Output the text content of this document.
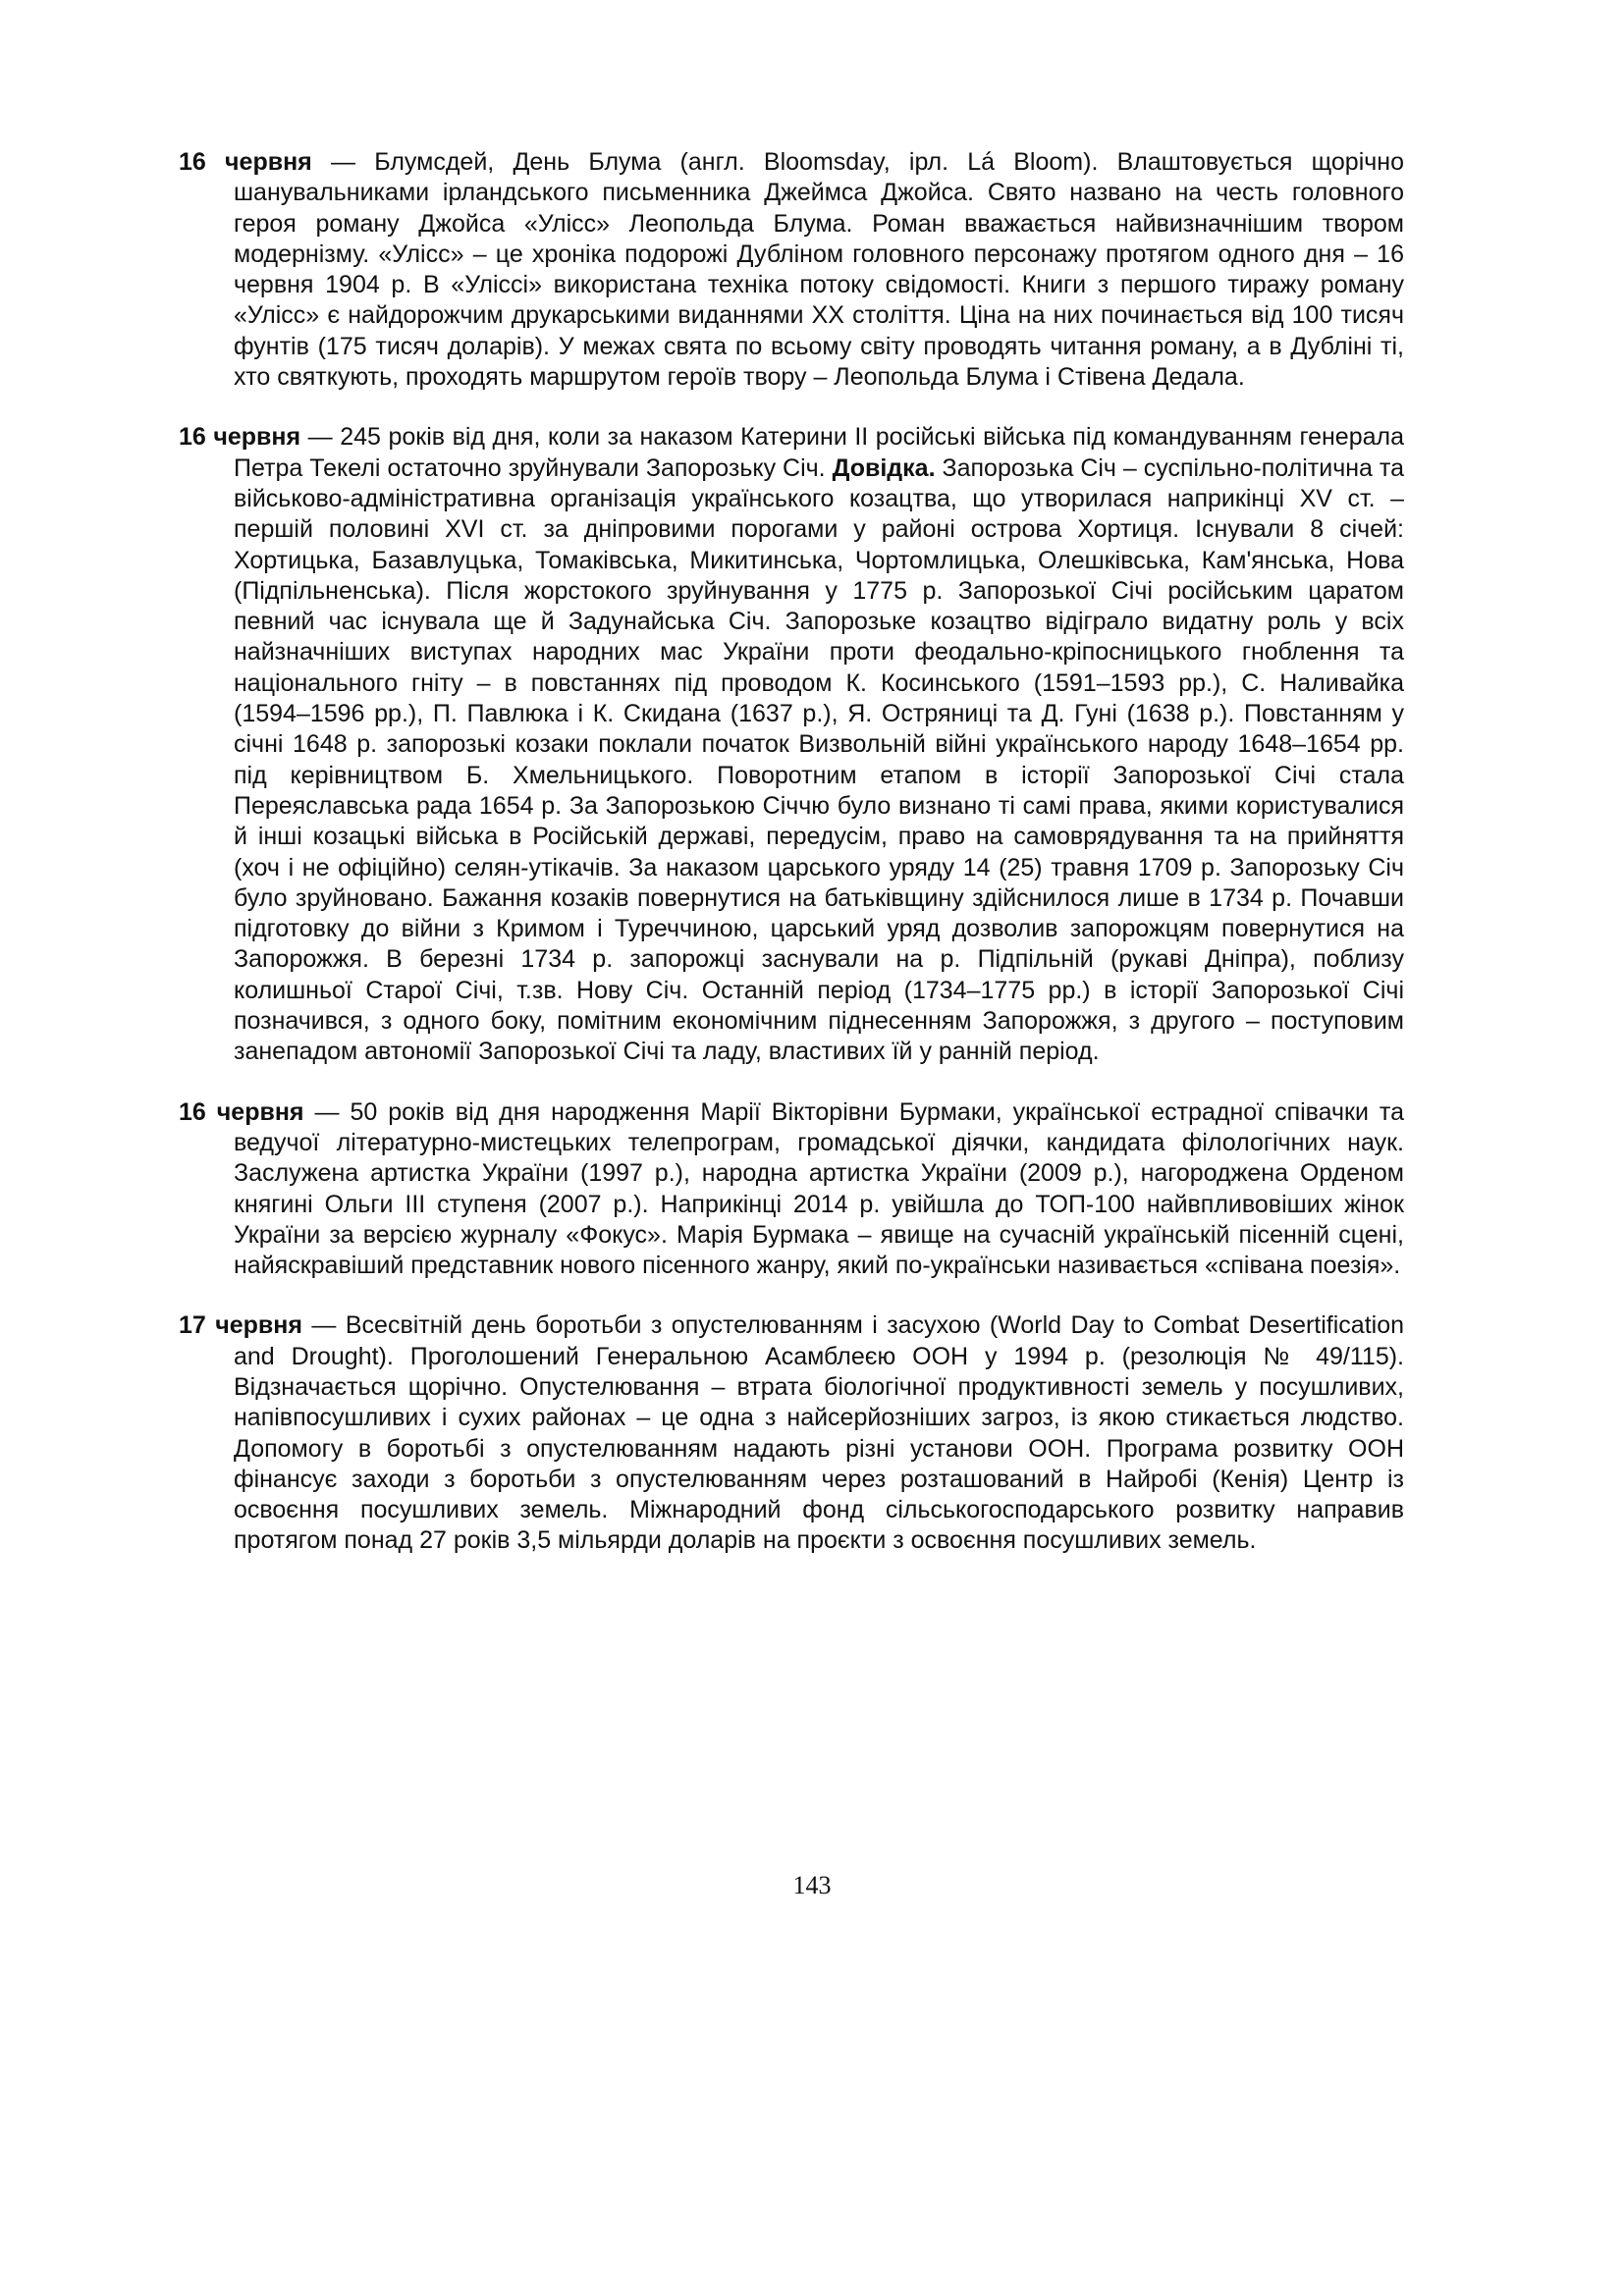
16 червня — Блумсдей, День Блума (англ. Bloomsday, ірл. Lá Bloom). Влаштовується щорічно шанувальниками ірландського письменника Джеймса Джойса. Свято названо на честь головного героя роману Джойса «Улісс» Леопольда Блума. Роман вважається найвизначнішим твором модернізму. «Улісс» – це хроніка подорожі Дубліном головного персонажу протягом одного дня – 16 червня 1904 р. В «Уліссі» використана техніка потоку свідомості. Книги з першого тиражу роману «Улісс» є найдорожчим друкарськими виданнями ХХ століття. Ціна на них починається від 100 тисяч фунтів (175 тисяч доларів). У межах свята по всьому світу проводять читання роману, а в Дубліні ті, хто святкують, проходять маршрутом героїв твору – Леопольда Блума і Стівена Дедала.

16 червня — 245 років від дня, коли за наказом Катерини ІІ російські війська під командуванням генерала Петра Текелі остаточно зруйнували Запорозьку Січ. Довідка. Запорозька Січ – суспільно-політична та військово-адміністративна організація українського козацтва, що утворилася наприкінці XV ст. – першій половині XVI ст. за дніпровими порогами у районі острова Хортиця. Існували 8 січей: Хортицька, Базавлуцька, Томаківська, Микитинська, Чортомлицька, Олешківська, Кам'янська, Нова (Підпільненська). Після жорстокого зруйнування у 1775 р. Запорозької Січі російським царатом певний час існувала ще й Задунайська Січ. Запорозьке козацтво відіграло видатну роль у всіх найзначніших виступах народних мас України проти феодально-кріпосницького гноблення та національного гніту – в повстаннях під проводом К. Косинського (1591–1593 рр.), С. Наливайка (1594–1596 рр.), П. Павлюка і К. Скидана (1637 р.), Я. Остряниці та Д. Гуні (1638 р.). Повстанням у січні 1648 р. запорозькі козаки поклали початок Визвольній війні українського народу 1648–1654 рр. під керівництвом Б. Хмельницького. Поворотним етапом в історії Запорозької Січі стала Переяславська рада 1654 р. За Запорозькою Січчю було визнано ті самі права, якими користувалися й інші козацькі війська в Російській державі, передусім, право на самоврядування та на прийняття (хоч і не офіційно) селян-утікачів. За наказом царського уряду 14 (25) травня 1709 р. Запорозьку Січ було зруйновано. Бажання козаків повернутися на батьківщину здійснилося лише в 1734 р. Почавши підготовку до війни з Кримом і Туреччиною, царський уряд дозволив запорожцям повернутися на Запорожжя. В березні 1734 р. запорожці заснували на р. Підпільній (рукаві Дніпра), поблизу колишньої Старої Січі, т.зв. Нову Січ. Останній період (1734–1775 рр.) в історії Запорозької Січі позначився, з одного боку, помітним економічним піднесенням Запорожжя, з другого – поступовим занепадом автономії Запорозької Січі та ладу, властивих їй у ранній період.

16 червня — 50 років від дня народження Марії Вікторівни Бурмаки, української естрадної співачки та ведучої літературно-мистецьких телепрограм, громадської діячки, кандидата філологічних наук. Заслужена артистка України (1997 р.), народна артистка України (2009 р.), нагороджена Орденом княгині Ольги ІІІ ступеня (2007 р.). Наприкінці 2014 р. увійшла до ТОП-100 найвпливовіших жінок України за версією журналу «Фокус». Марія Бурмака – явище на сучасній українській пісенній сцені, найяскравіший представник нового пісенного жанру, який по-українськи називається «співана поезія».

17 червня — Всесвітній день боротьби з опустелюванням і засухою (World Day to Combat Desertification and Drought). Проголошений Генеральною Асамблеєю ООН у 1994 р. (резолюція № 49/115). Відзначається щорічно. Опустелювання – втрата біологічної продуктивності земель у посушливих, напівпосушливих і сухих районах – це одна з найсерйозніших загроз, із якою стикається людство. Допомогу в боротьбі з опустелюванням надають різні установи ООН. Програма розвитку ООН фінансує заходи з боротьби з опустелюванням через розташований в Найробі (Кенія) Центр із освоєння посушливих земель. Міжнародний фонд сільськогосподарського розвитку направив протягом понад 27 років 3,5 мільярди доларів на проєкти з освоєння посушливих земель.

143
